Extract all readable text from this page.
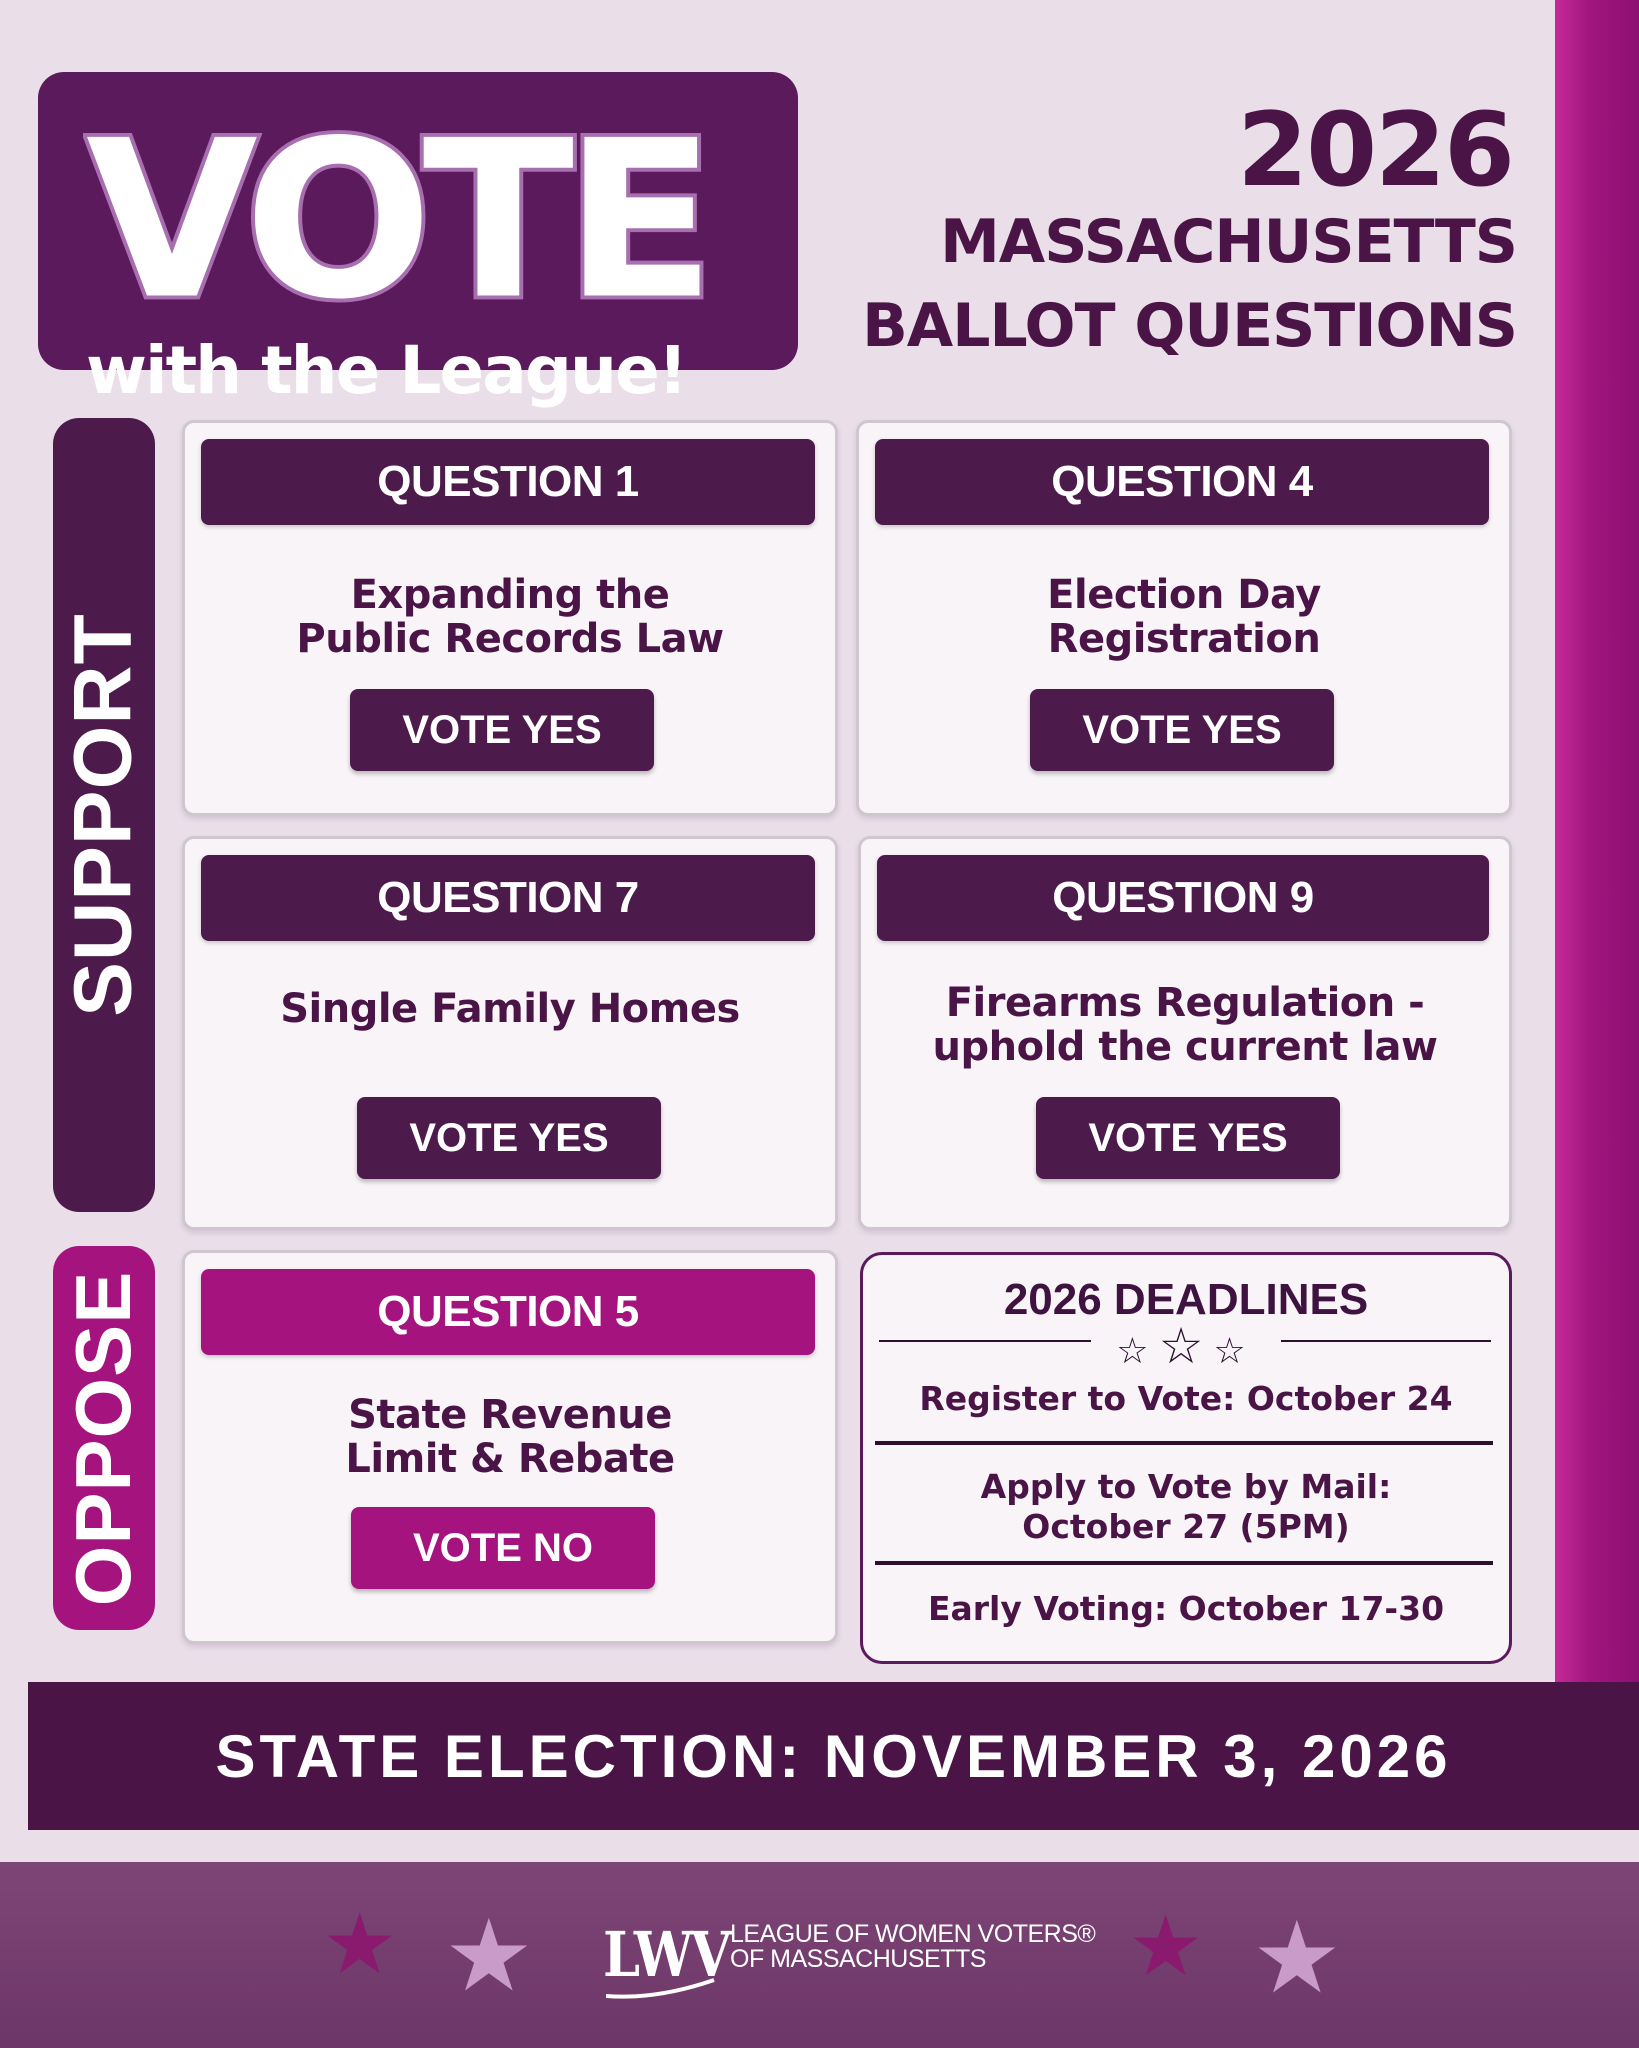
VOTE
with the League!
2026
MASSACHUSETTS
BALLOT QUESTIONS
SUPPORT
OPPOSE
QUESTION 1
Expanding the
Public Records Law
VOTE YES
QUESTION 4
Election Day
Registration
VOTE YES
QUESTION 7
Single Family Homes
VOTE YES
QUESTION 9
Firearms Regulation -
uphold the current law
VOTE YES
QUESTION 5
State Revenue
Limit & Rebate
VOTE NO
2026 DEADLINES
☆☆☆
Register to Vote: October 24
Apply to Vote by Mail:
October 27 (5PM)
Early Voting: October 17-30
STATE ELECTION: NOVEMBER 3, 2026
★ ★	★ ★
LWV LEAGUE OF WOMEN VOTERS®
OF MASSACHUSETTS
